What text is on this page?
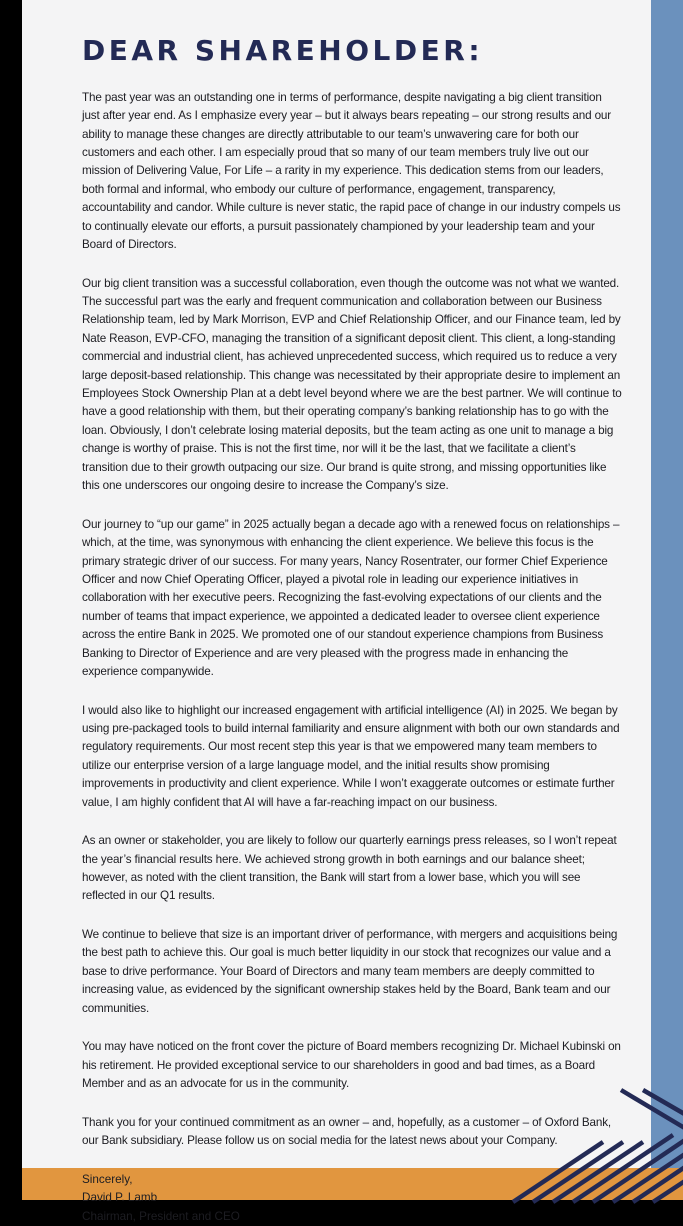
DEAR SHAREHOLDER:

The past year was an outstanding one in terms of performance, despite navigating a big client transition just after year end. As I emphasize every year – but it always bears repeating – our strong results and our ability to manage these changes are directly attributable to our team’s unwavering care for both our customers and each other. I am especially proud that so many of our team members truly live out our mission of Delivering Value, For Life – a rarity in my experience. This dedication stems from our leaders, both formal and informal, who embody our culture of performance, engagement, transparency, accountability and candor. While culture is never static, the rapid pace of change in our industry compels us to continually elevate our efforts, a pursuit passionately championed by your leadership team and your Board of Directors.

Our big client transition was a successful collaboration, even though the outcome was not what we wanted. The successful part was the early and frequent communication and collaboration between our Business Relationship team, led by Mark Morrison, EVP and Chief Relationship Officer, and our Finance team, led by Nate Reason, EVP-CFO, managing the transition of a significant deposit client. This client, a long-standing commercial and industrial client, has achieved unprecedented success, which required us to reduce a very large deposit-based relationship. This change was necessitated by their appropriate desire to implement an Employees Stock Ownership Plan at a debt level beyond where we are the best partner. We will continue to have a good relationship with them, but their operating company’s banking relationship has to go with the loan. Obviously, I don’t celebrate losing material deposits, but the team acting as one unit to manage a big change is worthy of praise. This is not the first time, nor will it be the last, that we facilitate a client’s transition due to their growth outpacing our size. Our brand is quite strong, and missing opportunities like this one underscores our ongoing desire to increase the Company’s size.

Our journey to “up our game” in 2025 actually began a decade ago with a renewed focus on relationships – which, at the time, was synonymous with enhancing the client experience. We believe this focus is the primary strategic driver of our success. For many years, Nancy Rosentrater, our former Chief Experience Officer and now Chief Operating Officer, played a pivotal role in leading our experience initiatives in collaboration with her executive peers. Recognizing the fast-evolving expectations of our clients and the number of teams that impact experience, we appointed a dedicated leader to oversee client experience across the entire Bank in 2025. We promoted one of our standout experience champions from Business Banking to Director of Experience and are very pleased with the progress made in enhancing the experience companywide.

I would also like to highlight our increased engagement with artificial intelligence (AI) in 2025. We began by using pre-packaged tools to build internal familiarity and ensure alignment with both our own standards and regulatory requirements. Our most recent step this year is that we empowered many team members to utilize our enterprise version of a large language model, and the initial results show promising improvements in productivity and client experience. While I won’t exaggerate outcomes or estimate further value, I am highly confident that AI will have a far-reaching impact on our business.

As an owner or stakeholder, you are likely to follow our quarterly earnings press releases, so I won’t repeat the year’s financial results here. We achieved strong growth in both earnings and our balance sheet; however, as noted with the client transition, the Bank will start from a lower base, which you will see reflected in our Q1 results.

We continue to believe that size is an important driver of performance, with mergers and acquisitions being the best path to achieve this. Our goal is much better liquidity in our stock that recognizes our value and a base to drive performance. Your Board of Directors and many team members are deeply committed to increasing value, as evidenced by the significant ownership stakes held by the Board, Bank team and our communities.

You may have noticed on the front cover the picture of Board members recognizing Dr. Michael Kubinski on his retirement. He provided exceptional service to our shareholders in good and bad times, as a Board Member and as an advocate for us in the community.

Thank you for your continued commitment as an owner – and, hopefully, as a customer – of Oxford Bank, our Bank subsidiary. Please follow us on social media for the latest news about your Company.

Sincerely,
David P. Lamb
Chairman, President and CEO
